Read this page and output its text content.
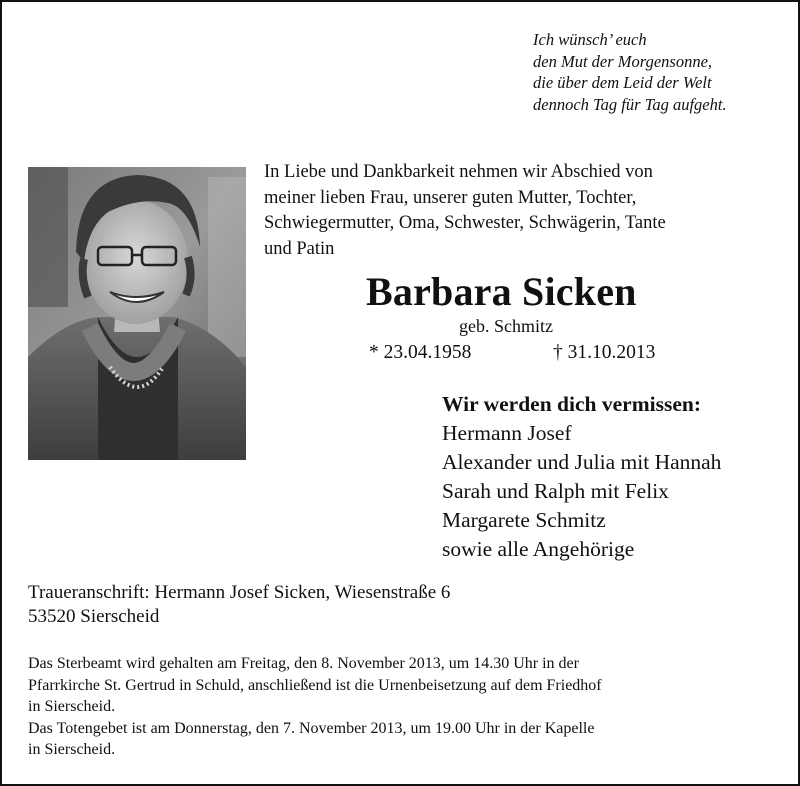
Ich wünsch’ euch
den Mut der Morgensonne,
die über dem Leid der Welt
dennoch Tag für Tag aufgeht.
In Liebe und Dankbarkeit nehmen wir Abschied von
meiner lieben Frau, unserer guten Mutter, Tochter,
Schwiegermutter, Oma, Schwester, Schwägerin, Tante
und Patin
Barbara Sicken
geb. Schmitz
* 23.04.1958	† 31.10.2013
Wir werden dich vermissen:
Hermann Josef
Alexander und Julia mit Hannah
Sarah und Ralph mit Felix
Margarete Schmitz
sowie alle Angehörige
Traueranschrift: Hermann Josef Sicken, Wiesenstraße 6
53520 Sierscheid
Das Sterbeamt wird gehalten am Freitag, den 8. November 2013, um 14.30 Uhr in der
Pfarrkirche St. Gertrud in Schuld, anschließend ist die Urnenbeisetzung auf dem Friedhof
in Sierscheid.
Das Totengebet ist am Donnerstag, den 7. November 2013, um 19.00 Uhr in der Kapelle
in Sierscheid.
